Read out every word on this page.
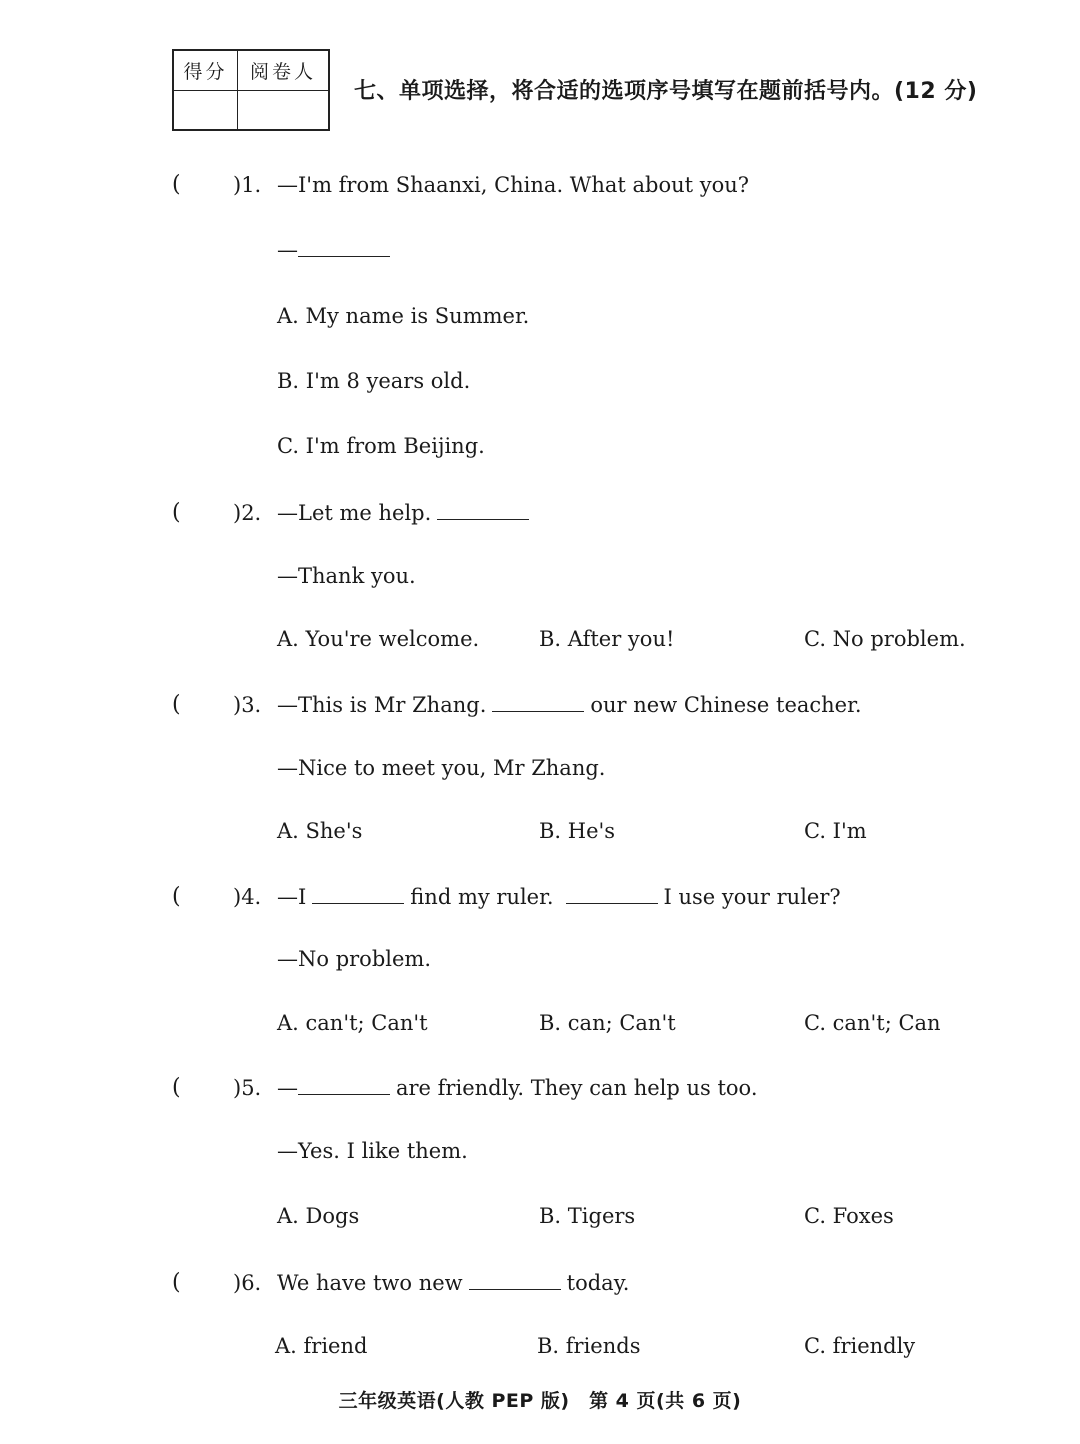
得分	阅卷人
七、单项选择，将合适的选项序号填写在题前括号内。(12 分)
( )1. —I'm from Shaanxi, China. What about you?
—
A. My name is Summer.
B. I'm 8 years old.
C. I'm from Beijing.
( )2. —Let me help.
—Thank you.
A. You're welcome.	B. After you!	C. No problem.
( )3. —This is Mr Zhang.	our new Chinese teacher.
—Nice to meet you, Mr Zhang.
A. She's	B. He's	C. I'm
( )4. —I	find my ruler.	I use your ruler?
—No problem.
A. can't; Can't	B. can; Can't	C. can't; Can
( )5. —	are friendly. They can help us too.
—Yes. I like them.
A. Dogs	B. Tigers	C. Foxes
( )6. We have two new	today.
A. friend	B. friends	C. friendly
三年级英语(人教 PEP 版)　第 4 页(共 6 页)
